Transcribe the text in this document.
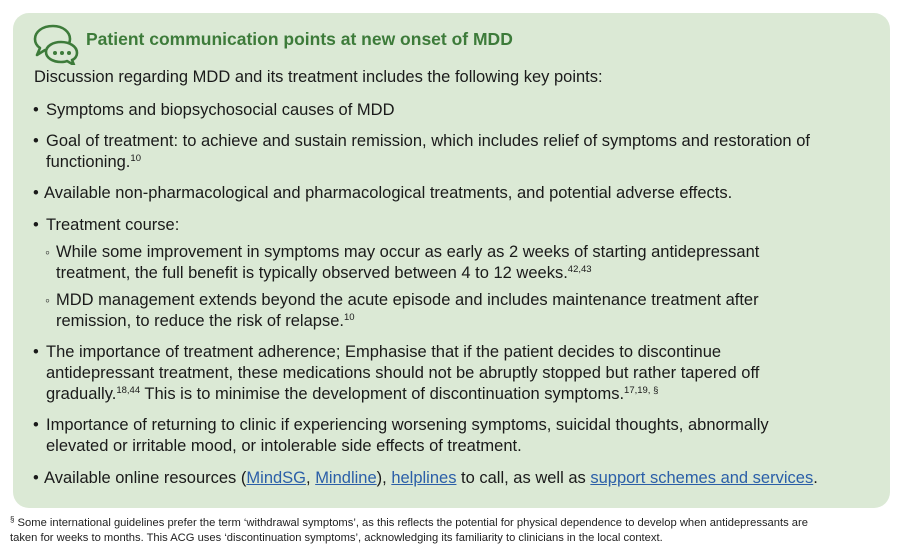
Patient communication points at new onset of MDD
Discussion regarding MDD and its treatment includes the following key points:
• Symptoms and biopsychosocial causes of MDD
• Goal of treatment: to achieve and sustain remission, which includes relief of symptoms and restoration of
functioning.$^{10}$
• Available non-pharmacological and pharmacological treatments, and potential adverse effects.
• Treatment course:
◦ While some improvement in symptoms may occur as early as 2 weeks of starting antidepressant
treatment, the full benefit is typically observed between 4 to 12 weeks.$^{42,43}$
◦ MDD management extends beyond the acute episode and includes maintenance treatment after
remission, to reduce the risk of relapse.$^{10}$
• The importance of treatment adherence; Emphasise that if the patient decides to discontinue
antidepressant treatment, these medications should not be abruptly stopped but rather tapered off
gradually.$^{18,44}$ This is to minimise the development of discontinuation symptoms.$^{17,19, \S}$
• Importance of returning to clinic if experiencing worsening symptoms, suicidal thoughts, abnormally
elevated or irritable mood, or intolerable side effects of treatment.
• Available online resources (MindSG, Mindline), helplines to call, as well as support schemes and services.
§ Some international guidelines prefer the term ‘withdrawal symptoms’, as this reflects the potential for physical dependence to develop when antidepressants are
taken for weeks to months. This ACG uses ‘discontinuation symptoms’, acknowledging its familiarity to clinicians in the local context.
